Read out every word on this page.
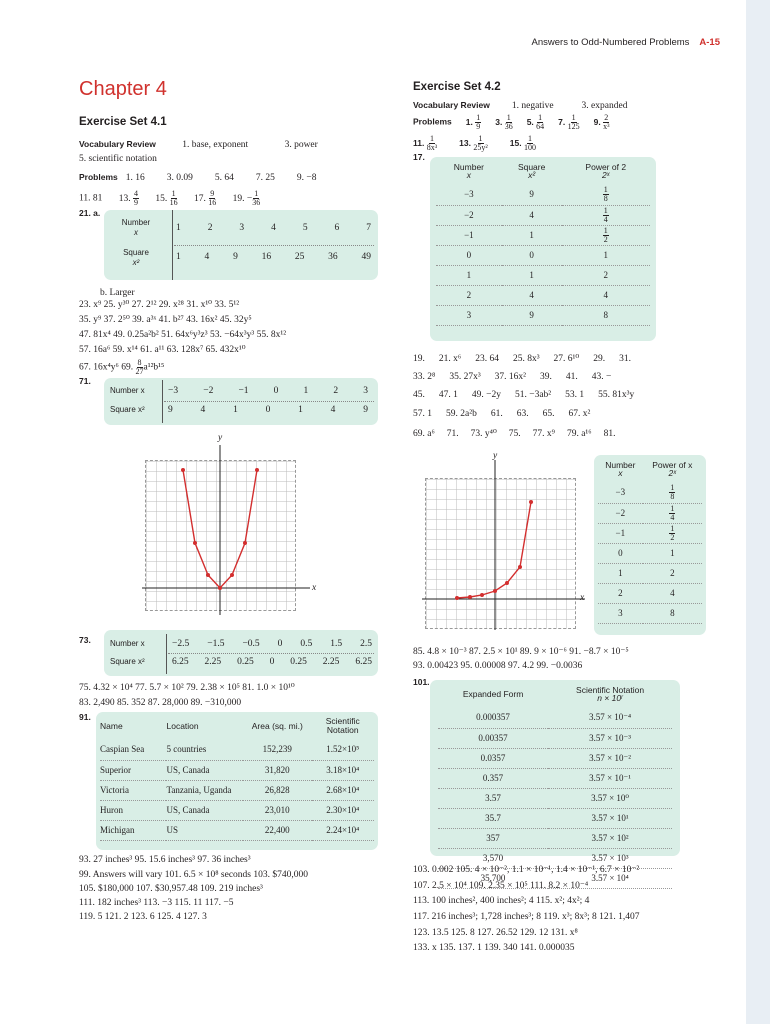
Answers to Odd-Numbered Problems A-15
Chapter 4
Exercise Set 4.1
Vocabulary Review	1. base, exponent	3. power
5. scientific notation
Problems 1. 16 3. 0.09 5. 64 7. 25 9. −8
11. 81 13. $\frac{4}{9} 15$. $\frac{1}{16} 17$. $\frac{9}{16} 19$. − $\frac{1}{36}$
21. a.
Number
x
Square
x²
1	2	3	4	5	6	7
1	4	9	16	25	36	49
b. Larger
23. x⁹ 25. y³⁰ 27. 2¹² 29. x²⁸ 31. x¹⁰ 33. 5¹²
35. y⁹ 37. 2⁵⁰ 39. a³ˣ 41. b²⁷ 43. 16x² 45. 32y⁵
47. 81x⁴ 49. 0.25a²b² 51. 64x⁶y³z³ 53. −64x³y³ 55. 8x¹²
57. 16a⁶ 59. x¹⁴ 61. a¹¹ 63. 128x⁷ 65. 432x¹⁰
67. 16x⁴y⁶ 69. $\frac{8}{27} a^{12}b^{15}$
71.
Number x
Square x²
−3	−2	−1	0	1	2	3
9	4	1	0	1	4	9
y
x
73. Number x
Square x²
−2.5 −1.5 −0.5 0 0.5 1.5 2.5
6.25 2.25 0.25 0 0.25 2.25 6.25
75. 4.32 × 10⁴ 77. 5.7 × 10² 79. 2.38 × 10⁵ 81. 1.0 × 10¹⁰
83. 2,490 85. 352 87. 28,000 89. −310,000
91.
Name	Location	Area (sq. mi.)	Scientific Notation
Caspian Sea	5 countries	152,239	1.52×10⁵
Superior	US, Canada	31,820	3.18×10⁴
Victoria	Tanzania, Uganda	26,828	2.68×10⁴
Huron	US, Canada	23,010	2.30×10⁴
Michigan	US	22,400	2.24×10⁴
93. 27 inches³ 95. 15.6 inches³ 97. 36 inches³
99. Answers will vary 101. 6.5 × 10⁸ seconds 103. $740,000
105. $180,000 107. $30,957.48 109. 219 inches³
111. 182 inches³ 113. −3 115. 11 117. −5
119. 5 121. 2 123. 6 125. 4 127. 3
Exercise Set 4.2
Vocabulary Review 1. negative	3. expanded
Problems 1. $\frac{1}{9} 3$. $\frac{1}{36} 5$. $\frac{1}{64} 7$. $\frac{1}{125} 9$. $\frac{2}{\text{x³}}$
11. $\frac{1}{\text{8x³}}$	13. $\frac{1}{\text{25y²}}$	15. $\frac{1}{100}$
17.
Number
x	Square
x²	Power of 2
2ˣ
−3	9	$\frac{1}{8}$

−2	4	$\frac{1}{4}$

−1	1	$\frac{1}{2}$

0	0	1
1	1	2
2	4	4
3	9	8
19. 21. x⁶ 23. 64 25. 8x³ 27. 6¹⁰ 29. 31.
33. 2⁸ 35. 27x³ 37. 16x² 39. 41. 43. −
45. 47. 1 49. −2y 51. −3ab² 53. 1 55. 81x³y
57. 1 59. 2a²b 61. 63. 65. 67. x²
69. a⁶ 71. 73. y⁴⁰ 75. 77. x⁹ 79. a¹⁶ 81.
y
x
Number
x	Power of x
2ˣ
−3	$\frac{1}{8}$

−2	$\frac{1}{4}$

−1	$\frac{1}{2}$

0	1
1	2
2	4
3	8
85. 4.8 × 10⁻³ 87. 2.5 × 10¹ 89. 9 × 10⁻⁶ 91. −8.7 × 10⁻⁵
93. 0.00423 95. 0.00008 97. 4.2 99. −0.0036
101.
Expanded Form	Scientific Notation
n × 10ʳ
0.000357	3.57 × 10⁻⁴
0.00357	3.57 × 10⁻³
0.0357	3.57 × 10⁻²
0.357	3.57 × 10⁻¹
3.57	3.57 × 10⁰
35.7	3.57 × 10¹
357	3.57 × 10²
3,570	3.57 × 10³
35,700	3.57 × 10⁴
103. 0.002 105. 4 × 10⁻², 1.1 × 10⁻¹, 1.4 × 10⁻¹, 6.7 × 10⁻²
107. 2.5 × 10⁴ 109. 2.35 × 10⁵ 111. 8.2 × 10⁻⁴
113. 100 inches², 400 inches²; 4 115. x²; 4x²; 4
117. 216 inches³; 1,728 inches³; 8 119. x³; 8x³; 8 121. 1,407
123. 13.5 125. 8 127. 26.52 129. 12 131. x⁸
133. x 135. 137. 1 139. 340 141. 0.000035
